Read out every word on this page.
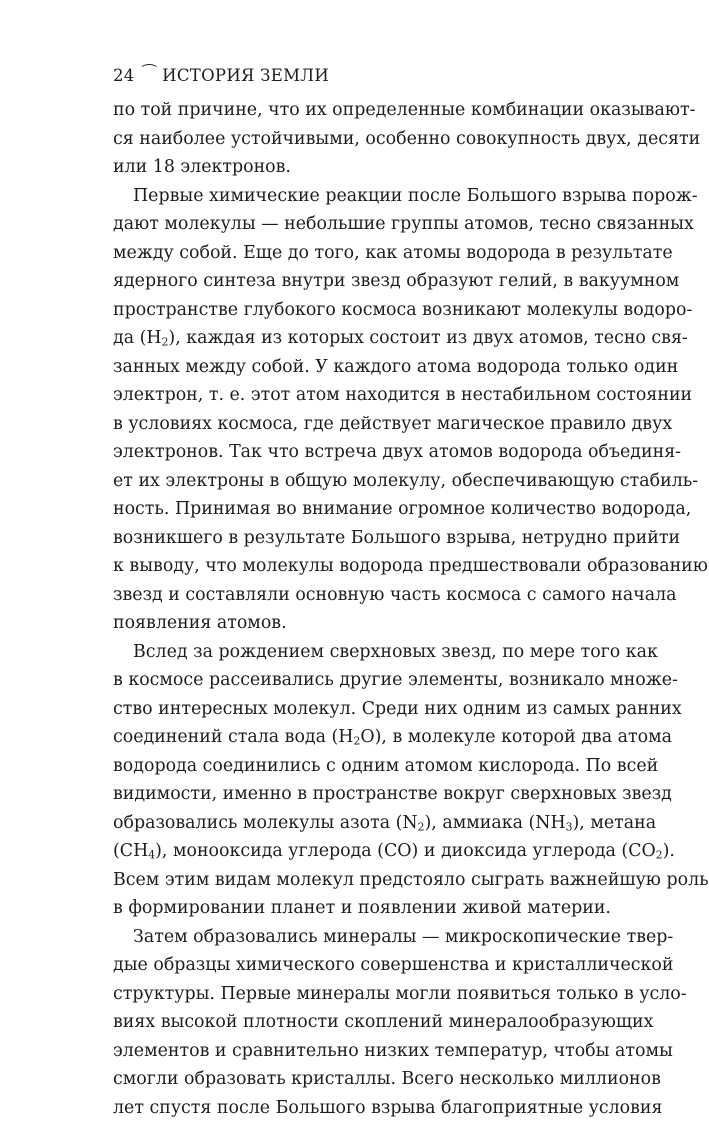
24 ⁀ ИСТОРИЯ ЗЕМЛИ
по той причине, что их определенные комбинации оказывают-
ся наиболее устойчивыми, особенно совокупность двух, десяти
или 18 электронов.
Первые химические реакции после Большого взрыва порож-
дают молекулы — небольшие группы атомов, тесно связанных
между собой. Еще до того, как атомы водорода в результате
ядерного синтеза внутри звезд образуют гелий, в вакуумном
пространстве глубокого космоса возникают молекулы водоро-
да $(H_2)$, каждая из которых состоит из двух атомов, тесно свя-
занных между собой. У каждого атома водорода только один
электрон, т. е. этот атом находится в нестабильном состоянии
в условиях космоса, где действует магическое правило двух
электронов. Так что встреча двух атомов водорода объединя-
ет их электроны в общую молекулу, обеспечивающую стабиль-
ность. Принимая во внимание огромное количество водорода,
возникшего в результате Большого взрыва, нетрудно прийти
к выводу, что молекулы водорода предшествовали образованию
звезд и составляли основную часть космоса с самого начала
появления атомов.
Вслед за рождением сверхновых звезд, по мере того как
в космосе рассеивались другие элементы, возникало множе-
ство интересных молекул. Среди них одним из самых ранних
соединений стала вода $(H_2O)$, в молекуле которой два атома
водорода соединились с одним атомом кислорода. По всей
видимости, именно в пространстве вокруг сверхновых звезд
образовались молекулы азота $(N_2)$, аммиака $(NH_3)$, метана
$(CH_4)$, монооксида углерода (CO) и диоксида углерода $(CO_2)$.
Всем этим видам молекул предстояло сыграть важнейшую роль
в формировании планет и появлении живой материи.
Затем образовались минералы — микроскопические твер-
дые образцы химического совершенства и кристаллической
структуры. Первые минералы могли появиться только в усло-
виях высокой плотности скоплений минералообразующих
элементов и сравнительно низких температур, чтобы атомы
смогли образовать кристаллы. Всего несколько миллионов
лет спустя после Большого взрыва благоприятные условия
